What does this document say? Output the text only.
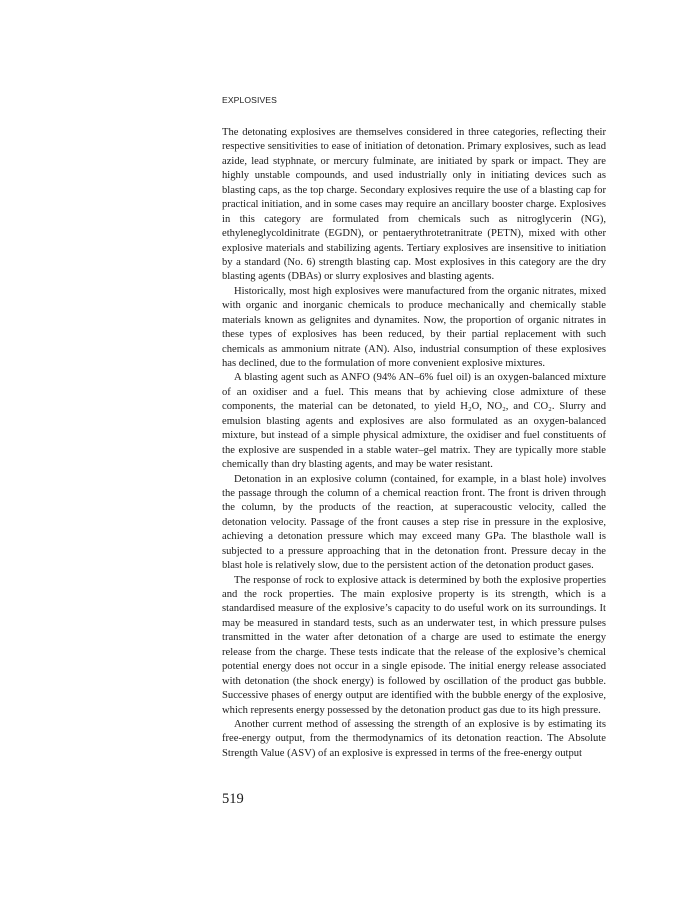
EXPLOSIVES

The detonating explosives are themselves considered in three categories, reflecting their respective sensitivities to ease of initiation of detonation. Primary explosives, such as lead azide, lead styphnate, or mercury fulminate, are initiated by spark or impact. They are highly unstable compounds, and used industrially only in initiating devices such as blasting caps, as the top charge. Secondary explosives require the use of a blasting cap for practical initiation, and in some cases may require an ancillary booster charge. Explosives in this category are formulated from chemicals such as nitroglycerin (NG), ethyleneglycoldinitrate (EGDN), or pentaerythrotetranitrate (PETN), mixed with other explosive materials and stabilizing agents. Tertiary explosives are insensitive to initiation by a standard (No. 6) strength blasting cap. Most explosives in this category are the dry blasting agents (DBAs) or slurry explosives and blasting agents.

Historically, most high explosives were manufactured from the organic nitrates, mixed with organic and inorganic chemicals to produce mechanically and chemically stable materials known as gelignites and dynamites. Now, the proportion of organic nitrates in these types of explosives has been reduced, by their partial replacement with such chemicals as ammonium nitrate (AN). Also, industrial consumption of these explosives has declined, due to the formulation of more convenient explosive mixtures.

A blasting agent such as ANFO (94% AN–6% fuel oil) is an oxygen-balanced mixture of an oxidiser and a fuel. This means that by achieving close admixture of these components, the material can be detonated, to yield H₂O, NO₂, and CO₂. Slurry and emulsion blasting agents and explosives are also formulated as an oxygen-balanced mixture, but instead of a simple physical admixture, the oxidiser and fuel constituents of the explosive are suspended in a stable water–gel matrix. They are typically more stable chemically than dry blasting agents, and may be water resistant.

Detonation in an explosive column (contained, for example, in a blast hole) involves the passage through the column of a chemical reaction front. The front is driven through the column, by the products of the reaction, at superacoustic velocity, called the detonation velocity. Passage of the front causes a step rise in pressure in the explosive, achieving a detonation pressure which may exceed many GPa. The blasthole wall is subjected to a pressure approaching that in the detonation front. Pressure decay in the blast hole is relatively slow, due to the persistent action of the detonation product gases.

The response of rock to explosive attack is determined by both the explosive properties and the rock properties. The main explosive property is its strength, which is a standardised measure of the explosive’s capacity to do useful work on its surroundings. It may be measured in standard tests, such as an underwater test, in which pressure pulses transmitted in the water after detonation of a charge are used to estimate the energy release from the charge. These tests indicate that the release of the explosive’s chemical potential energy does not occur in a single episode. The initial energy release associated with detonation (the shock energy) is followed by oscillation of the product gas bubble. Successive phases of energy output are identified with the bubble energy of the explosive, which represents energy possessed by the detonation product gas due to its high pressure.

Another current method of assessing the strength of an explosive is by estimating its free-energy output, from the thermodynamics of its detonation reaction. The Absolute Strength Value (ASV) of an explosive is expressed in terms of the free-energy output

519
